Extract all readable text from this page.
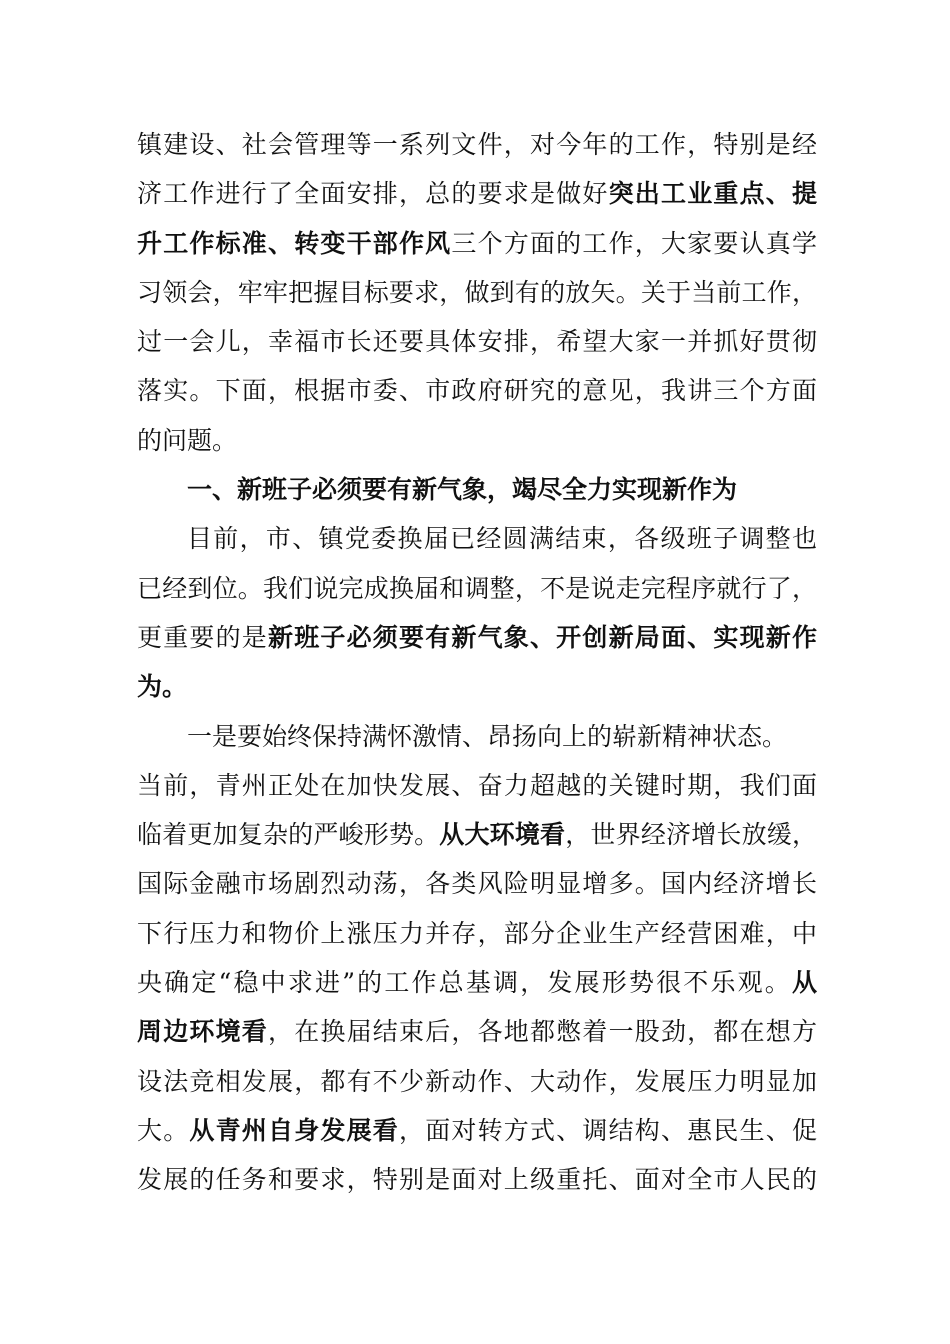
镇建设、社会管理等一系列文件，对今年的工作，特别是经
济工作进行了全面安排，总的要求是做好突出工业重点、提
升工作标准、转变干部作风三个方面的工作，大家要认真学
习领会，牢牢把握目标要求，做到有的放矢。关于当前工作，
过一会儿，幸福市长还要具体安排，希望大家一并抓好贯彻
落实。下面，根据市委、市政府研究的意见，我讲三个方面
的问题。
一、新班子必须要有新气象，竭尽全力实现新作为
目前，市、镇党委换届已经圆满结束，各级班子调整也
已经到位。我们说完成换届和调整，不是说走完程序就行了，
更重要的是新班子必须要有新气象、开创新局面、实现新作
为。
一是要始终保持满怀激情、昂扬向上的崭新精神状态。
当前，青州正处在加快发展、奋力超越的关键时期，我们面
临着更加复杂的严峻形势。从大环境看，世界经济增长放缓，
国际金融市场剧烈动荡，各类风险明显增多。国内经济增长
下行压力和物价上涨压力并存，部分企业生产经营困难，中
央确定“稳中求进”的工作总基调，发展形势很不乐观。从
周边环境看，在换届结束后，各地都憋着一股劲，都在想方
设法竞相发展，都有不少新动作、大动作，发展压力明显加
大。从青州自身发展看，面对转方式、调结构、惠民生、促
发展的任务和要求，特别是面对上级重托、面对全市人民的
